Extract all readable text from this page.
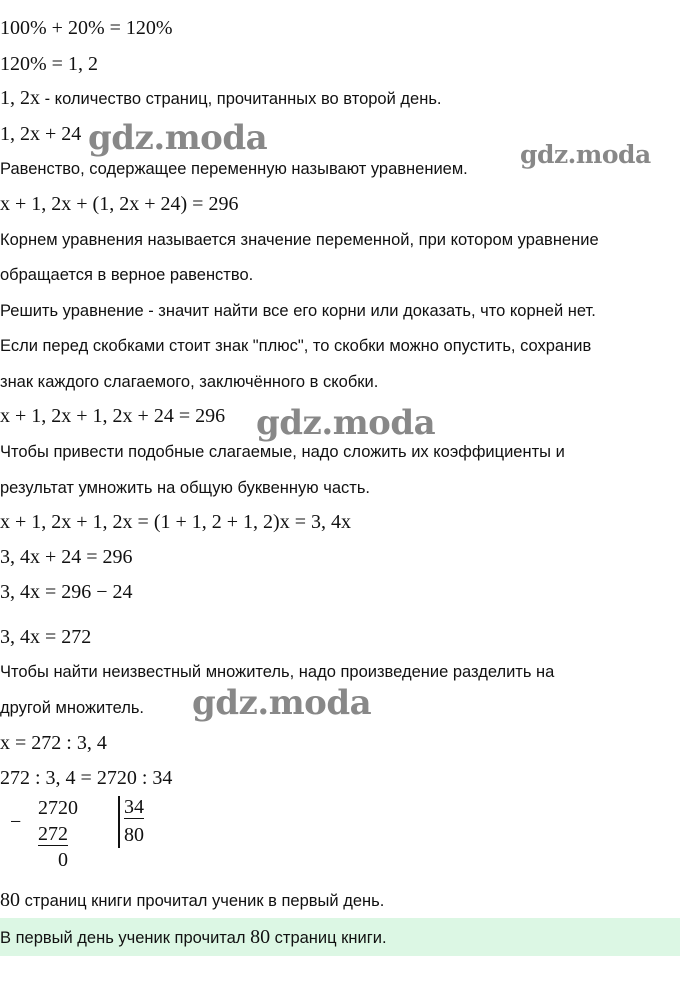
100% + 20% = 120%
120% = 1, 2
1, 2x - количество страниц, прочитанных во второй день.
1, 2x + 24
Равенство, содержащее переменную называют уравнением.
x + 1, 2x + (1, 2x + 24) = 296
Корнем уравнения называется значение переменной, при котором уравнение
обращается в верное равенство.
Решить уравнение - значит найти все его корни или доказать, что корней нет.
Если перед скобками стоит знак "плюс", то скобки можно опустить, сохранив
знак каждого слагаемого, заключённого в скобки.
x + 1, 2x + 1, 2x + 24 = 296
Чтобы привести подобные слагаемые, надо сложить их коэффициенты и
результат умножить на общую буквенную часть.
x + 1, 2x + 1, 2x = (1 + 1, 2 + 1, 2)x = 3, 4x
3, 4x + 24 = 296
3, 4x = 296 − 24
3, 4x = 272
Чтобы найти неизвестный множитель, надо произведение разделить на
другой множитель.
x = 272 : 3, 4
272 : 3, 4 = 2720 : 34
−
2720
272
0
34
80
80 страниц книги прочитал ученик в первый день.
В первый день ученик прочитал 80 страниц книги.
gdz.moda	gdz.moda
gdz.moda
gdz.moda
